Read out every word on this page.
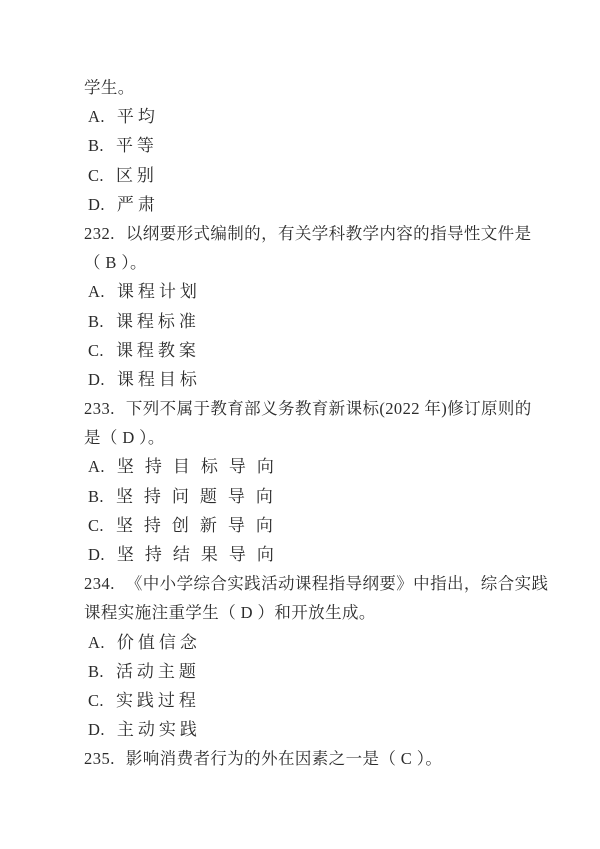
学生。
A. 平均
B. 平等
C. 区别
D. 严肃
232. 以纲要形式编制的，有关学科教学内容的指导性文件是
（ B ）。
A. 课程计划
B. 课程标准
C. 课程教案
D. 课程目标
233. 下列不属于教育部义务教育新课标(2022 年)修订原则的
是（ D ）。
A. 坚持目标导向
B. 坚持问题导向
C. 坚持创新导向
D. 坚持结果导向
234. 《中小学综合实践活动课程指导纲要》中指出，综合实践
课程实施注重学生（ D ）和开放生成。
A. 价值信念
B. 活动主题
C. 实践过程
D. 主动实践
235. 影响消费者行为的外在因素之一是（ C ）。
